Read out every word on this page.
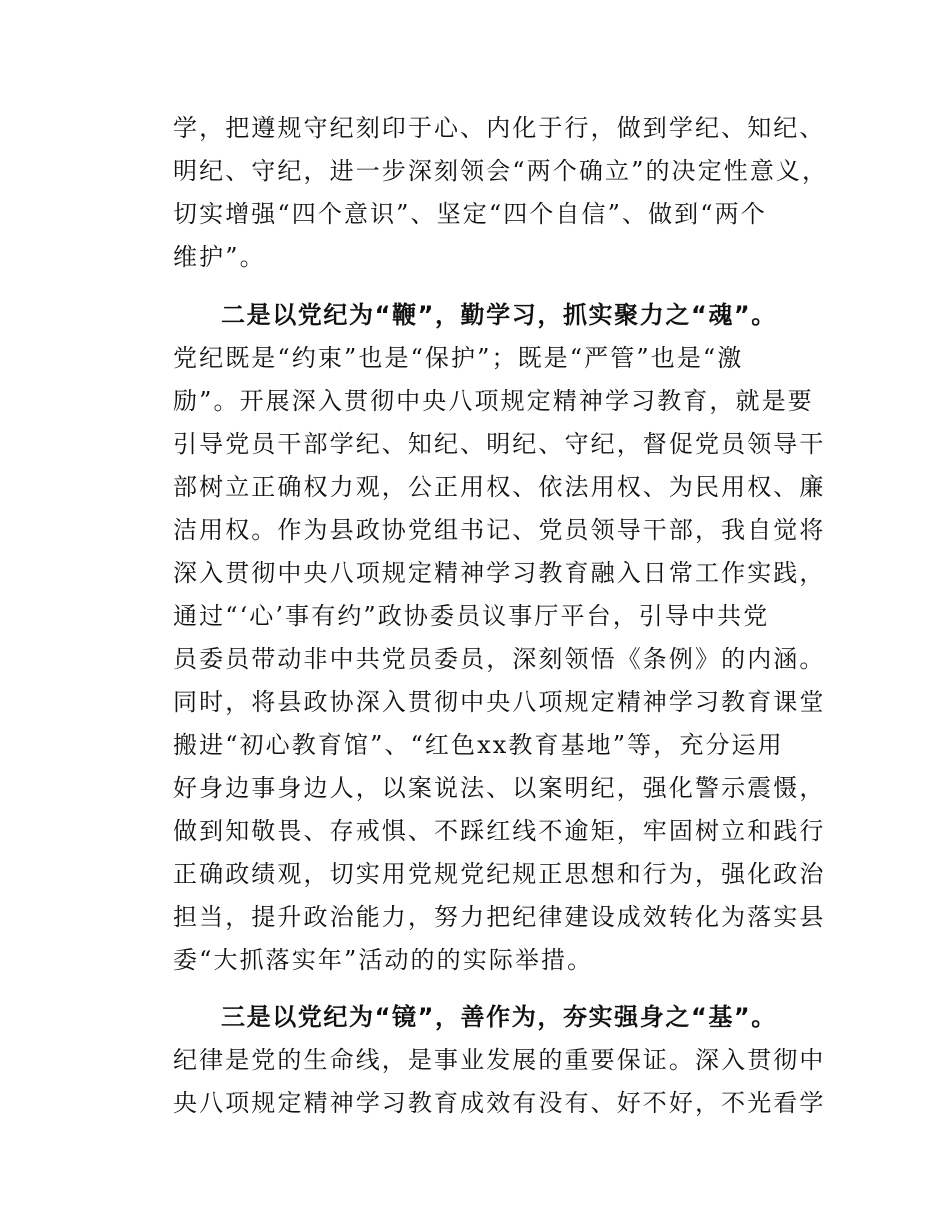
学，把遵规守纪刻印于心、内化于行，做到学纪、知纪、
明纪、守纪，进一步深刻领会“两个确立”的决定性意义，
切实增强“四个意识”、坚定“四个自信”、做到“两个
维护”。
二是以党纪为“鞭”，勤学习，抓实聚力之“魂”。
党纪既是“约束”也是“保护”；既是“严管”也是“激
励”。开展深入贯彻中央八项规定精神学习教育，就是要
引导党员干部学纪、知纪、明纪、守纪，督促党员领导干
部树立正确权力观，公正用权、依法用权、为民用权、廉
洁用权。作为县政协党组书记、党员领导干部，我自觉将
深入贯彻中央八项规定精神学习教育融入日常工作实践，
通过“‘心’事有约”政协委员议事厅平台，引导中共党
员委员带动非中共党员委员，深刻领悟《条例》的内涵。
同时，将县政协深入贯彻中央八项规定精神学习教育课堂
搬进“初心教育馆”、“红色xx教育基地”等，充分运用
好身边事身边人，以案说法、以案明纪，强化警示震慑，
做到知敬畏、存戒惧、不踩红线不逾矩，牢固树立和践行
正确政绩观，切实用党规党纪规正思想和行为，强化政治
担当，提升政治能力，努力把纪律建设成效转化为落实县
委“大抓落实年”活动的的实际举措。
三是以党纪为“镜”，善作为，夯实强身之“基”。
纪律是党的生命线，是事业发展的重要保证。深入贯彻中
央八项规定精神学习教育成效有没有、好不好，不光看学
